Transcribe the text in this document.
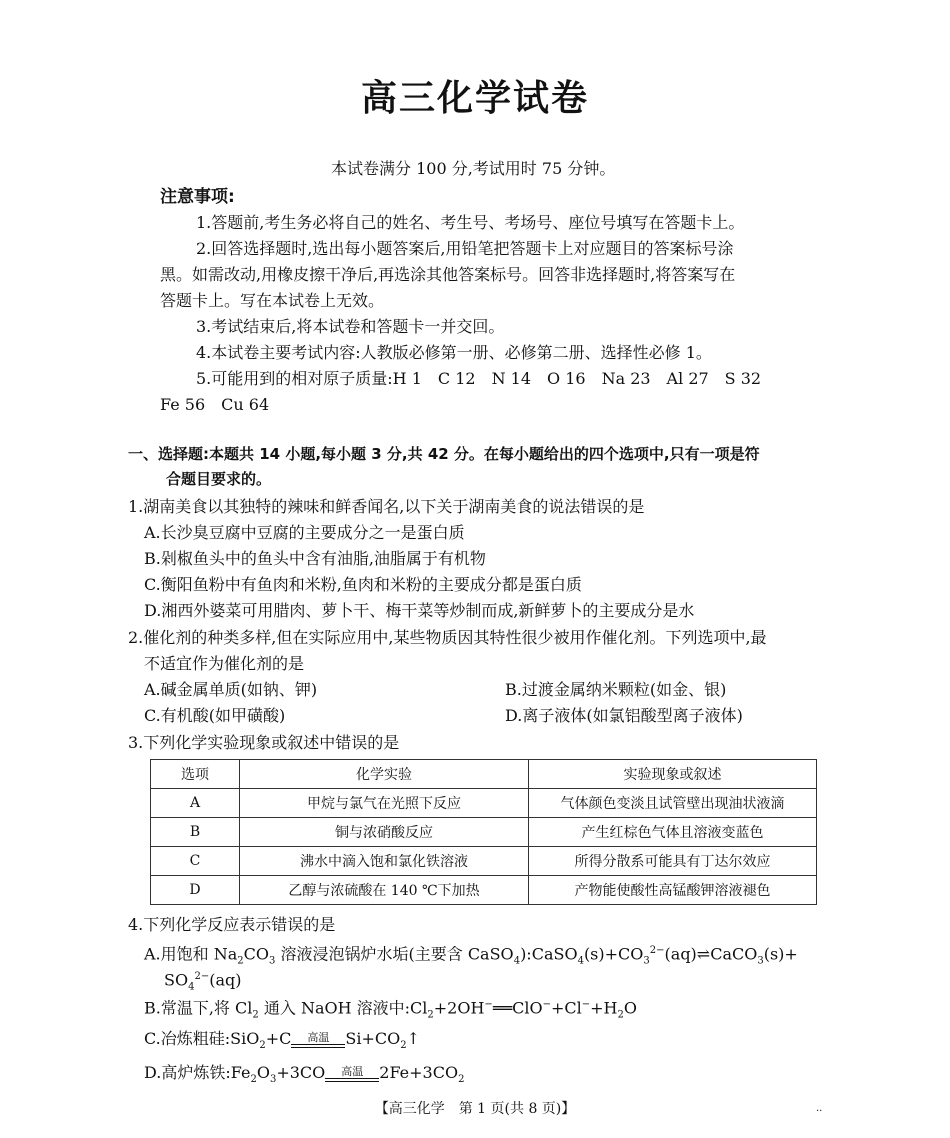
高三化学试卷
本试卷满分 100 分,考试用时 75 分钟。
注意事项:
1.答题前,考生务必将自己的姓名、考生号、考场号、座位号填写在答题卡上。
2.回答选择题时,选出每小题答案后,用铅笔把答题卡上对应题目的答案标号涂
黑。如需改动,用橡皮擦干净后,再选涂其他答案标号。回答非选择题时,将答案写在
答题卡上。写在本试卷上无效。
3.考试结束后,将本试卷和答题卡一并交回。
4.本试卷主要考试内容:人教版必修第一册、必修第二册、选择性必修 1。
5.可能用到的相对原子质量:H 1　C 12　N 14　O 16　Na 23　Al 27　S 32
Fe 56　Cu 64
一、选择题:本题共 14 小题,每小题 3 分,共 42 分。在每小题给出的四个选项中,只有一项是符
合题目要求的。
1.湖南美食以其独特的辣味和鲜香闻名,以下关于湖南美食的说法错误的是
A.长沙臭豆腐中豆腐的主要成分之一是蛋白质
B.剁椒鱼头中的鱼头中含有油脂,油脂属于有机物
C.衡阳鱼粉中有鱼肉和米粉,鱼肉和米粉的主要成分都是蛋白质
D.湘西外婆菜可用腊肉、萝卜干、梅干菜等炒制而成,新鲜萝卜的主要成分是水
2.催化剂的种类多样,但在实际应用中,某些物质因其特性很少被用作催化剂。下列选项中,最
不适宜作为催化剂的是
A.碱金属单质(如钠、钾)	B.过渡金属纳米颗粒(如金、银)
C.有机酸(如甲磺酸)	D.离子液体(如氯铝酸型离子液体)
3.下列化学实验现象或叙述中错误的是
选项	化学实验	实验现象或叙述
A	甲烷与氯气在光照下反应	气体颜色变淡且试管壁出现油状液滴
B	铜与浓硝酸反应	产生红棕色气体且溶液变蓝色
C	沸水中滴入饱和氯化铁溶液	所得分散系可能具有丁达尔效应
D	乙醇与浓硫酸在 140 ℃下加热	产物能使酸性高锰酸钾溶液褪色
4.下列化学反应表示错误的是
A.用饱和 $Na_2CO_3$ 溶液浸泡锅炉水垢(主要含 $CaSO_4):CaSO_4(s)+CO_3^{2-}(aq)\rightleftharpoons CaCO_3(s)+$
$SO_4^{2-}(aq)$
B.常温下,将 $Cl_2$ 通入 NaOH 溶液中$:Cl_2+2OH^-══ClO^-+Cl^-+H_2O$
C.冶炼粗硅:SiO$_2$+C	高温	$Si+CO_2↑$
D.高炉炼铁$:Fe_2O_3+3CO$	高温	$2Fe+3CO_2$
【高三化学　第 1 页(共 8 页)】	··
